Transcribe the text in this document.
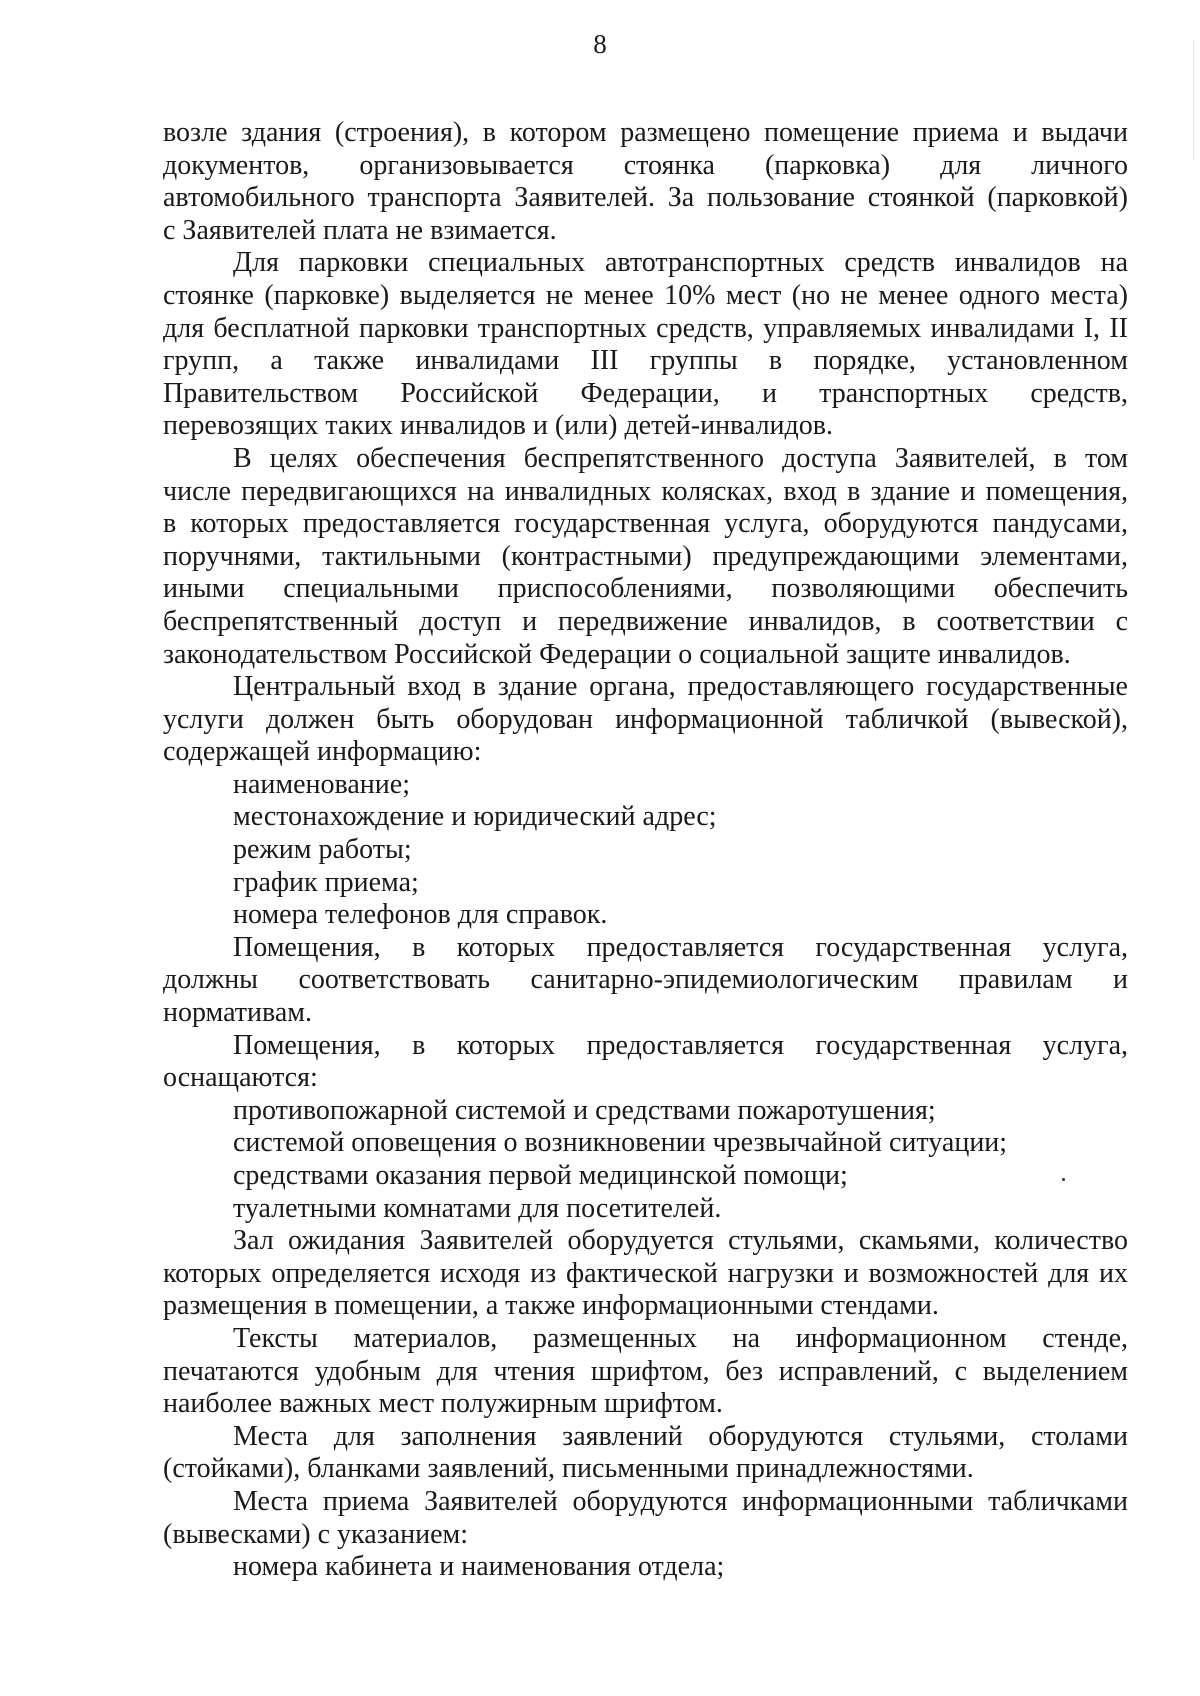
8
возле здания (строения), в котором размещено помещение приема и выдачи
документов, организовывается стоянка (парковка) для личного
автомобильного транспорта Заявителей. За пользование стоянкой (парковкой)
с Заявителей плата не взимается.
Для парковки специальных автотранспортных средств инвалидов на
стоянке (парковке) выделяется не менее 10% мест (но не менее одного места)
для бесплатной парковки транспортных средств, управляемых инвалидами I, II
групп, а также инвалидами III группы в порядке, установленном
Правительством Российской Федерации, и транспортных средств,
перевозящих таких инвалидов и (или) детей-инвалидов.
В целях обеспечения беспрепятственного доступа Заявителей, в том
числе передвигающихся на инвалидных колясках, вход в здание и помещения,
в которых предоставляется государственная услуга, оборудуются пандусами,
поручнями, тактильными (контрастными) предупреждающими элементами,
иными специальными приспособлениями, позволяющими обеспечить
беспрепятственный доступ и передвижение инвалидов, в соответствии с
законодательством Российской Федерации о социальной защите инвалидов.
Центральный вход в здание органа, предоставляющего государственные
услуги должен быть оборудован информационной табличкой (вывеской),
содержащей информацию:
наименование;
местонахождение и юридический адрес;
режим работы;
график приема;
номера телефонов для справок.
Помещения, в которых предоставляется государственная услуга,
должны соответствовать санитарно-эпидемиологическим правилам и
нормативам.
Помещения, в которых предоставляется государственная услуга,
оснащаются:
противопожарной системой и средствами пожаротушения;
системой оповещения о возникновении чрезвычайной ситуации;
средствами оказания первой медицинской помощи;
туалетными комнатами для посетителей.
Зал ожидания Заявителей оборудуется стульями, скамьями, количество
которых определяется исходя из фактической нагрузки и возможностей для их
размещения в помещении, а также информационными стендами.
Тексты материалов, размещенных на информационном стенде,
печатаются удобным для чтения шрифтом, без исправлений, с выделением
наиболее важных мест полужирным шрифтом.
Места для заполнения заявлений оборудуются стульями, столами
(стойками), бланками заявлений, письменными принадлежностями.
Места приема Заявителей оборудуются информационными табличками
(вывесками) с указанием:
номера кабинета и наименования отдела;
